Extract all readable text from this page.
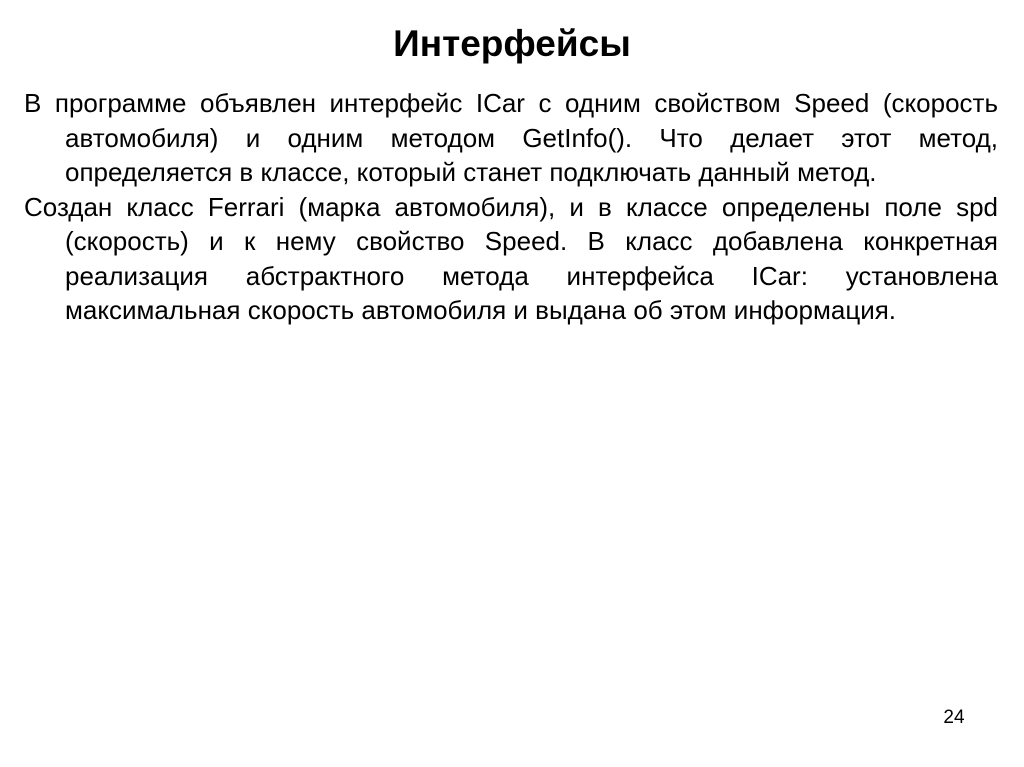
Интерфейсы

В программе объявлен интерфейс ICar с одним свойством Speed (скорость автомобиля) и одним методом GetInfo(). Что делает этот метод, определяется в классе, который станет подключать данный метод.

Создан класс Ferrari (марка автомобиля), и в классе определены поле spd (скорость) и к нему свойство Speed. В класс добавлена конкретная реализация абстрактного метода интерфейса ICar: установлена максимальная скорость автомобиля и выдана об этом информация.

24
